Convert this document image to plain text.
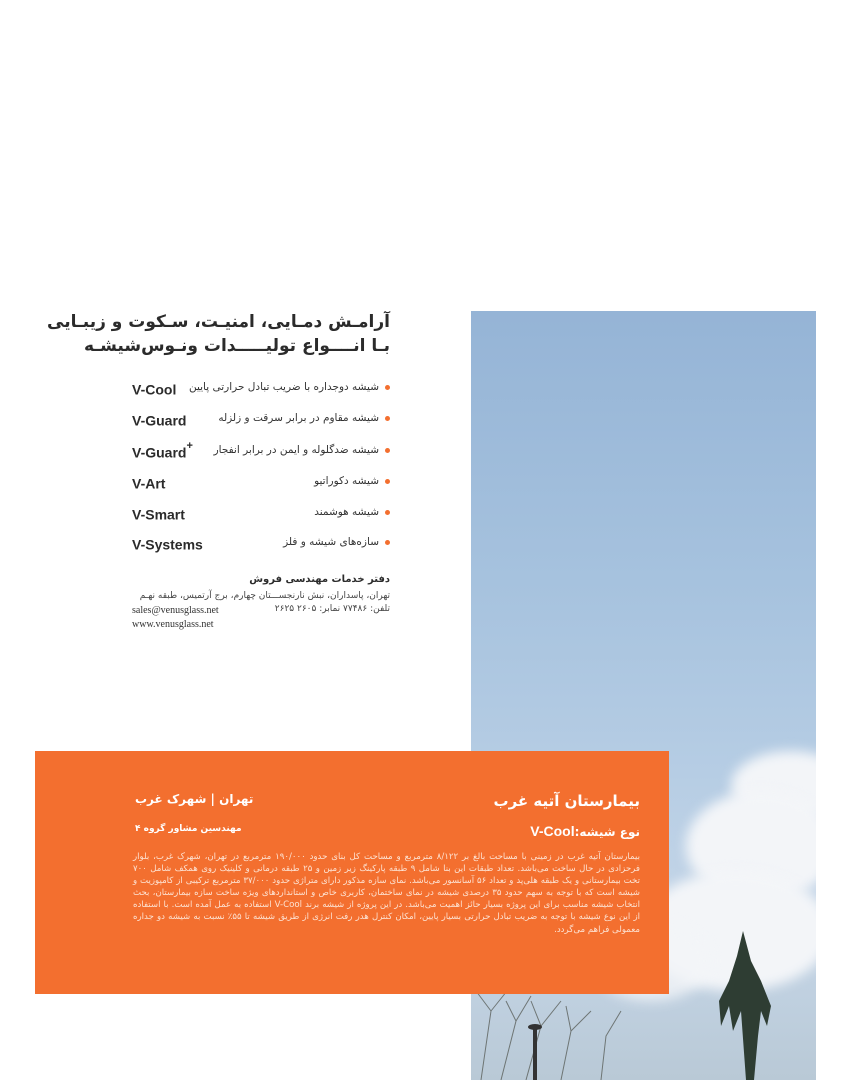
آرامـش دمـایی، امنیـت، سـکوت و زیبـایی
بـا انــــواع تولیـــــدات ونـوس‌شیشـه
V-Cool شیشه دوجداره با ضریب تبادل حرارتی پایین
V-Guard	شیشه مقاوم در برابر سرقت و زلزله
V-Guard+ شیشه ضدگلوله و ایمن در برابر انفجار
V-Art	شیشه دکوراتیو
V-Smart	شیشه هوشمند
V-Systems	سازه‌های شیشه و فلز
دفتر خدمات مهندسی فروش
تهران، پاسداران، نبش نارنجســـتان چهارم، برج آرتمیس، طبقه نهـم
تلفن: ۷۷۴۸۶ نمابر: ۲۶۰۵ ۲۶۲۵
sales@venusglass.net
www.venusglass.net
بیمارستان آتیه غرب
نوع شیشه:V-Cool
تهران | شهرک غرب
مهندسین مشاور گروه ۴
بیمارستان آتیه غرب در زمینی با مساحت بالغ بر ۸/۱۲۲ مترمربع و مساحت کل بنای حدود ۱۹۰/۰۰۰ مترمربع در تهران، شهرک غرب، بلوار فرحزادی در حال ساخت می‌باشد. تعداد طبقات این بنا شامل ۹ طبقه پارکینگ زیر زمین و ۲۵ طبقه درمانی و کلینیک روی همکف شامل ۷۰۰ تخت بیمارستانی و یک طبقه هلی‌پد و تعداد ۵۶ آسانسور می‌باشد. نمای سازه مذکور دارای متراژی حدود ۳۷/۰۰۰ مترمربع ترکیبی از کامپوزیت و شیشه است که با توجه به سهم حدود ۳۵ درصدی شیشه در نمای ساختمان، کاربری خاص و استانداردهای ویژه ساخت سازه بیمارستان، بحث انتخاب شیشه مناسب برای این پروژه بسیار حائز اهمیت می‌باشد. در این پروژه از شیشه برند V-Cool استفاده به عمل آمده است. با استفاده از این نوع شیشه با توجه به ضریب تبادل حرارتی بسیار پایین، امکان کنترل هدر رفت انرژی از طریق شیشه تا ۵۵٪ نسبت به شیشه دو جداره معمولی فراهم می‌گردد.
